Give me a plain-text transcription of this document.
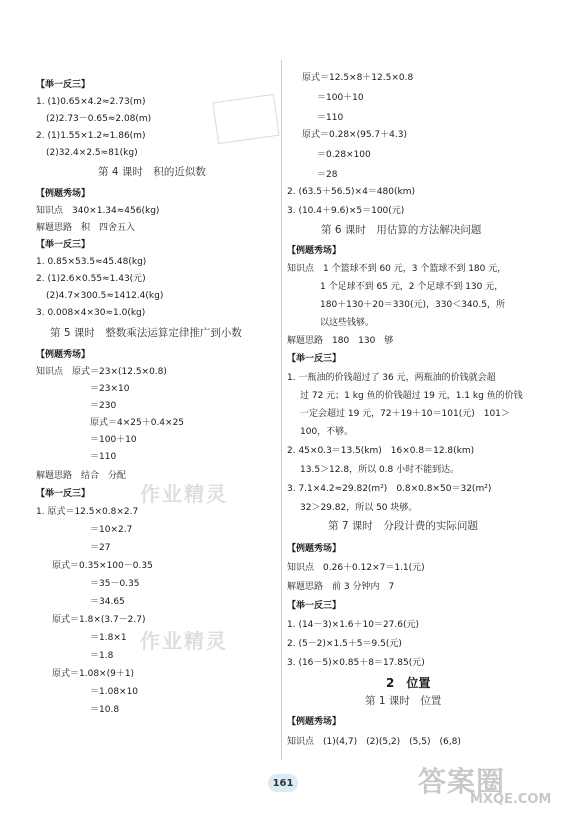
【举一反三】
1. (1)0.65×4.2≈2.73(m)
(2)2.73－0.65≈2.08(m)
2. (1)1.55×1.2≈1.86(m)
(2)32.4×2.5≈81(kg)
第 4 课时　积的近似数
【例题秀场】
知识点　340×1.34≈456(kg)
解题思路　积　四舍五入
【举一反三】
1. 0.85×53.5≈45.48(kg)
2. (1)2.6×0.55≈1.43(元)
(2)4.7×300.5≈1412.4(kg)
3. 0.008×4×30≈1.0(kg)
第 5 课时　整数乘法运算定律推广到小数
【例题秀场】
知识点　原式＝23×(12.5×0.8)
＝23×10
＝230
原式＝4×25＋0.4×25
＝100＋10
＝110
解题思路　结合　分配
【举一反三】
1. 原式＝12.5×0.8×2.7
＝10×2.7
＝27
原式＝0.35×100－0.35
＝35－0.35
＝34.65
原式＝1.8×(3.7－2.7)
＝1.8×1
＝1.8
原式＝1.08×(9＋1)
＝1.08×10
＝10.8
原式＝12.5×8＋12.5×0.8
＝100＋10
＝110
原式＝0.28×(95.7＋4.3)
＝0.28×100
＝28
2. (63.5＋56.5)×4＝480(km)
3. (10.4＋9.6)×5＝100(元)
第 6 课时　用估算的方法解决问题
【例题秀场】
知识点　1 个篮球不到 60 元，3 个篮球不到 180 元，
1 个足球不到 65 元，2 个足球不到 130 元，
180＋130＋20＝330(元)，330＜340.5，所
以这些钱够。
解题思路　180　130　够
【举一反三】
1. 一瓶油的价钱超过了 36 元，两瓶油的价钱就会超
过 72 元；1 kg 鱼的价钱超过 19 元，1.1 kg 鱼的价钱
一定会超过 19 元，72＋19＋10＝101(元)　101＞
100，不够。
2. 45×0.3＝13.5(km)　16×0.8＝12.8(km)
13.5＞12.8，所以 0.8 小时不能到达。
3. 7.1×4.2≈29.82(m²)　0.8×0.8×50＝32(m²)
32＞29.82，所以 50 块够。
第 7 课时　分段计费的实际问题
【例题秀场】
知识点　0.26＋0.12×7＝1.1(元)
解题思路　前 3 分钟内　7
【举一反三】
1. (14－3)×1.6＋10＝27.6(元)
2. (5－2)×1.5＋5＝9.5(元)
3. (16－5)×0.85＋8＝17.85(元)
2　位置
第 1 课时　位置
【例题秀场】
知识点　(1)(4,7)　(2)(5,2)　(5,5)　(6,8)
作业精灵
作业精灵
161	答案圈
MXQE.COM
